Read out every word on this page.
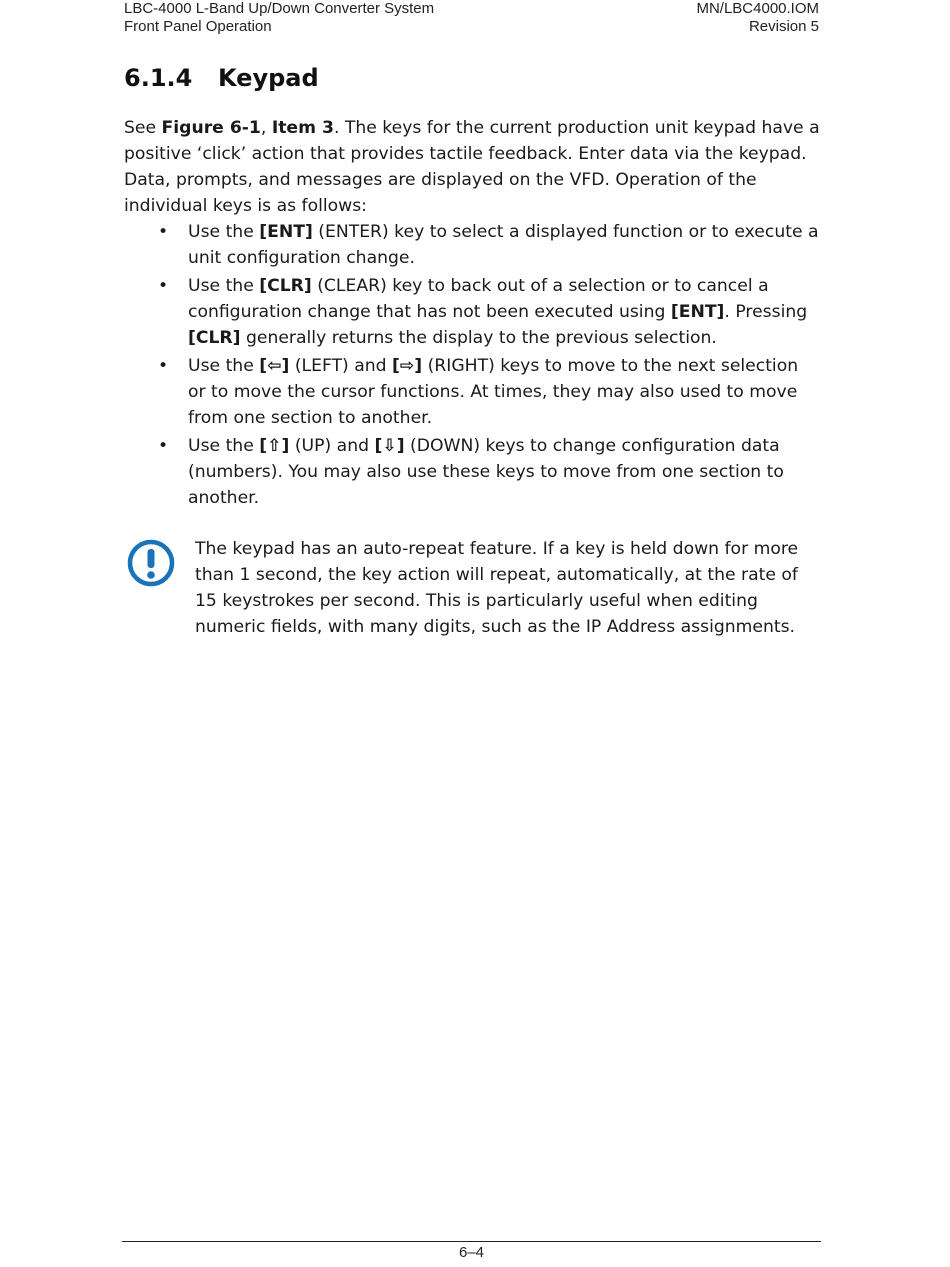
LBC-4000 L-Band Up/Down Converter System
Front Panel Operation
MN/LBC4000.IOM
Revision 5
6.1.4 Keypad

See Figure 6-1, Item 3. The keys for the current production unit keypad have a positive ‘click’ action that provides tactile feedback. Enter data via the keypad. Data, prompts, and messages are displayed on the VFD. Operation of the individual keys is as follows:

• Use the [ENT] (ENTER) key to select a displayed function or to execute a unit configuration change.
• Use the [CLR] (CLEAR) key to back out of a selection or to cancel a configuration change that has not been executed using [ENT]. Pressing [CLR] generally returns the display to the previous selection.
• Use the [⇦] (LEFT) and [⇨] (RIGHT) keys to move to the next selection or to move the cursor functions. At times, they may also used to move from one section to another.
• Use the [⇧] (UP) and [⇩] (DOWN) keys to change configuration data (numbers). You may also use these keys to move from one section to another.
The keypad has an auto-repeat feature. If a key is held down for more than 1 second, the key action will repeat, automatically, at the rate of 15 keystrokes per second. This is particularly useful when editing numeric fields, with many digits, such as the IP Address assignments.
6–4
